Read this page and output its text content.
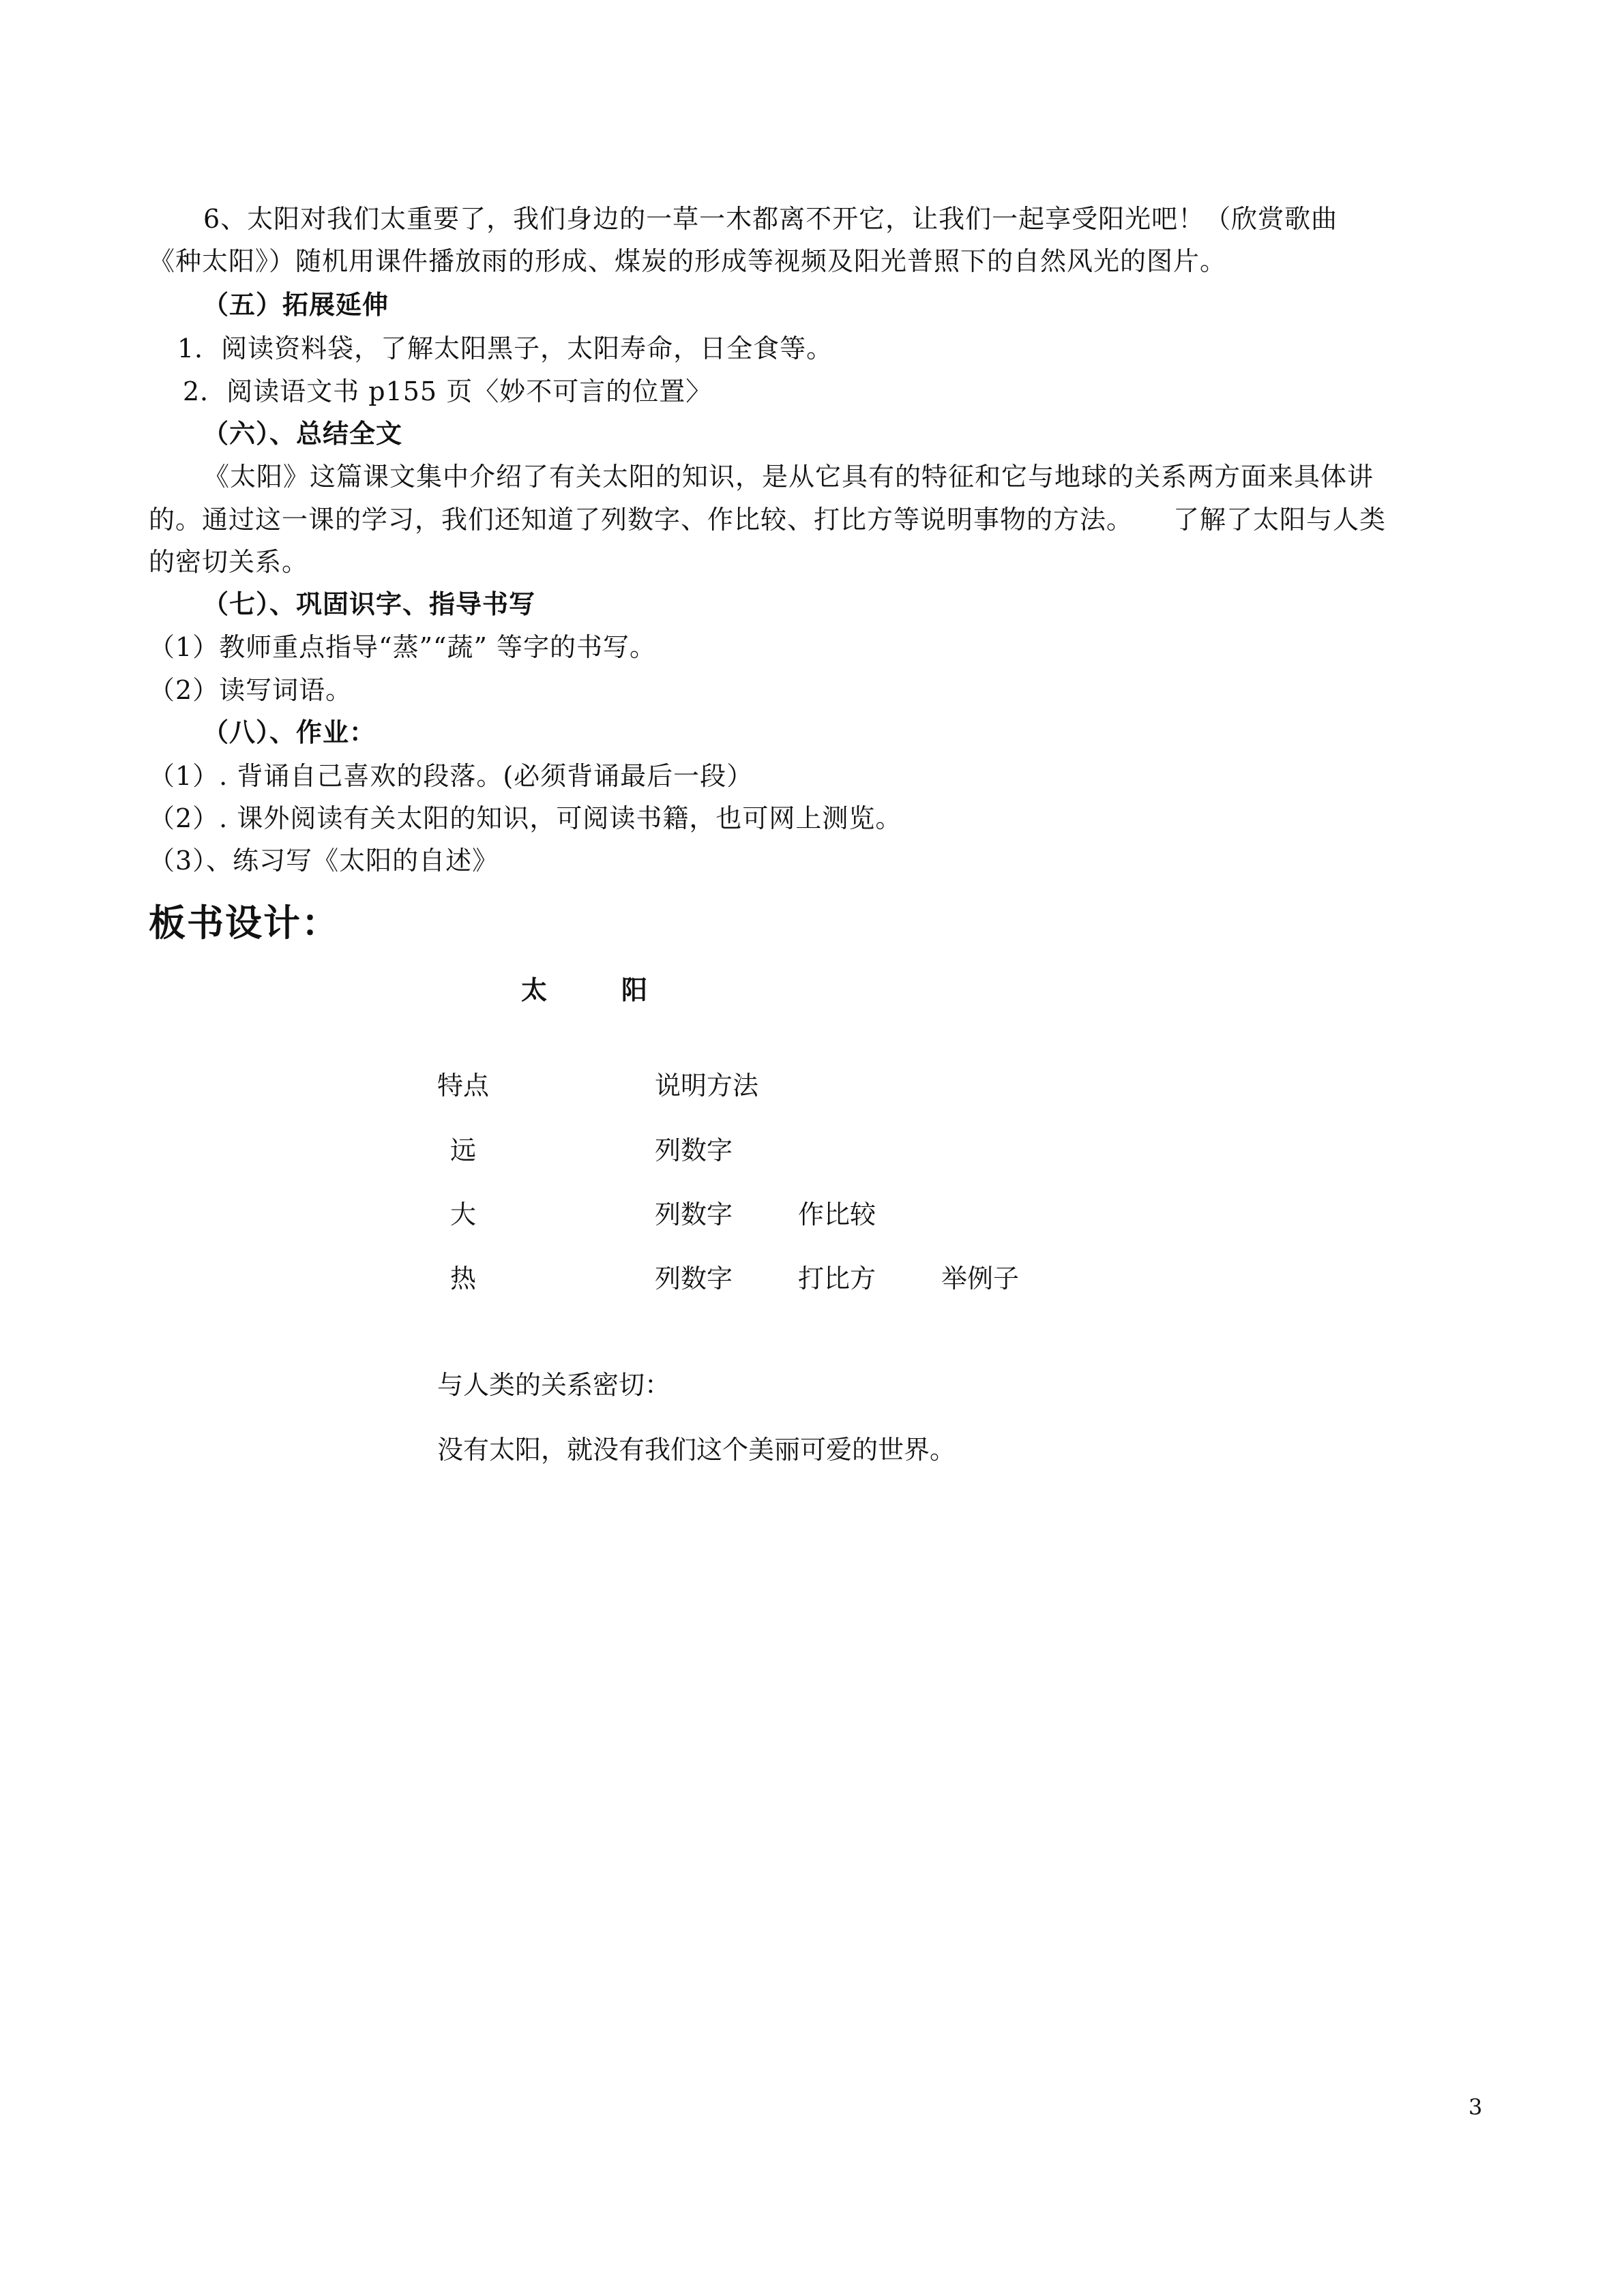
6、太阳对我们太重要了，我们身边的一草一木都离不开它，让我们一起享受阳光吧！（欣赏歌曲
《种太阳》）随机用课件播放雨的形成、煤炭的形成等视频及阳光普照下的自然风光的图片。
（五）拓展延伸
1．阅读资料袋，了解太阳黑子，太阳寿命，日全食等。
2．阅读语文书 p155 页〈妙不可言的位置〉
（六）、总结全文
《太阳》这篇课文集中介绍了有关太阳的知识，是从它具有的特征和它与地球的关系两方面来具体讲
的。通过这一课的学习，我们还知道了列数字、作比较、打比方等说明事物的方法。　　了解了太阳与人类
的密切关系。
（七）、巩固识字、指导书写
（1）教师重点指导“蒸”“蔬” 等字的书写。
（2）读写词语。
（八）、作业：
（1）. 背诵自己喜欢的段落。(必须背诵最后一段）
（2）. 课外阅读有关太阳的知识，可阅读书籍，也可网上测览。
（3）、练习写《太阳的自述》
板书设计：
太	阳
特点	说明方法
远	列数字
大	列数字	作比较
热	列数字	打比方	举例子
与人类的关系密切：
没有太阳，就没有我们这个美丽可爱的世界。
3
